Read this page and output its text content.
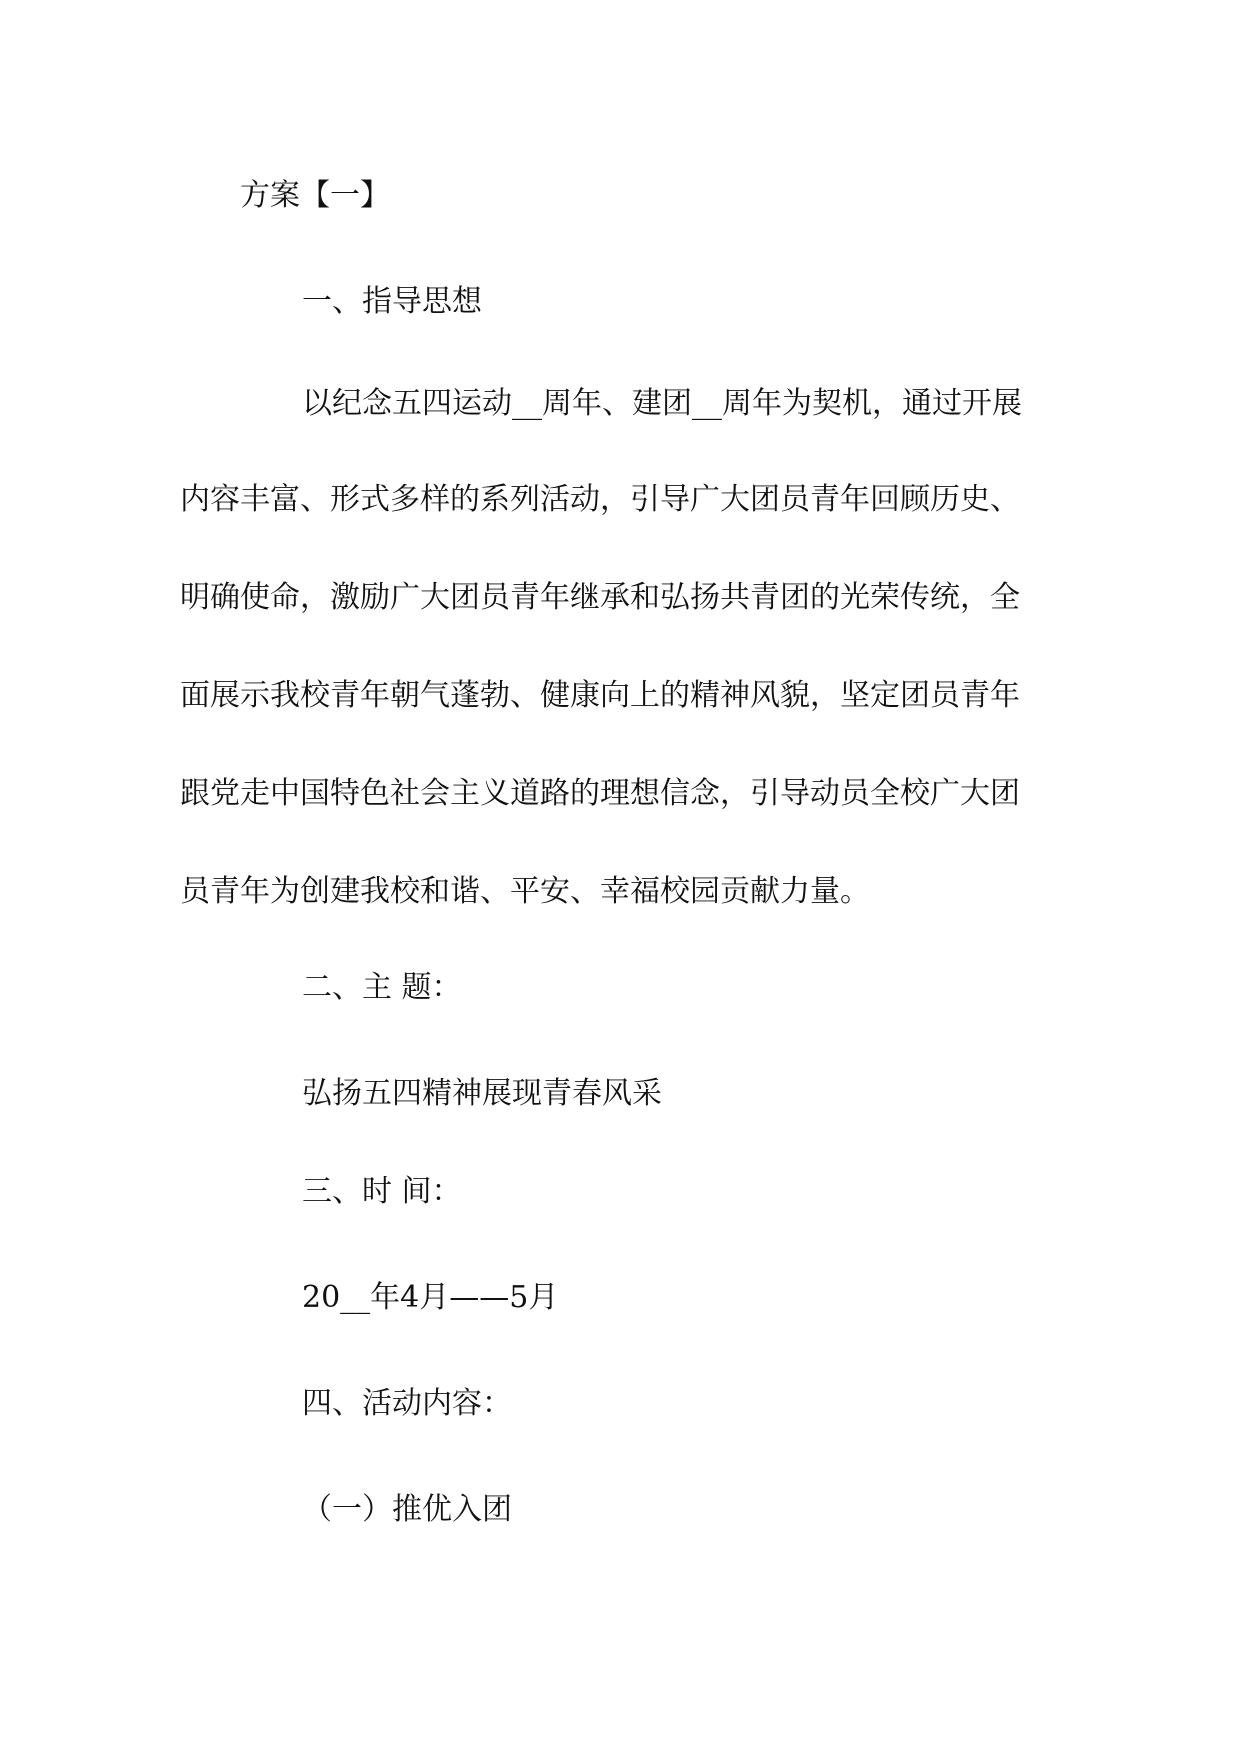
方案【一】

一、指导思想

以纪念五四运动__周年、建团__周年为契机，通过开展

内容丰富、形式多样的系列活动，引导广大团员青年回顾历史、

明确使命，激励广大团员青年继承和弘扬共青团的光荣传统，全

面展示我校青年朝气蓬勃、健康向上的精神风貌，坚定团员青年

跟党走中国特色社会主义道路的理想信念，引导动员全校广大团

员青年为创建我校和谐、平安、幸福校园贡献力量。

二、主 题：

弘扬五四精神展现青春风采

三、时 间：

20__年4月——5月

四、活动内容：

（一）推优入团
